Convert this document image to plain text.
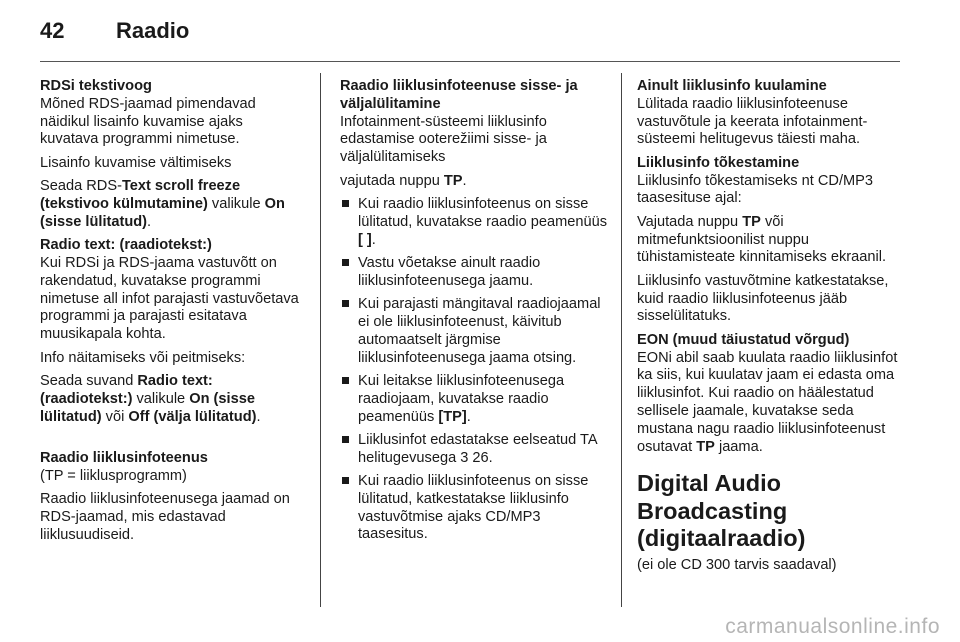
42 Raadio
RDSi tekstivoog

Mõned RDS-jaamad pimendavad näidikul lisainfo kuvamise ajaks kuvatava programmi nimetuse.

Lisainfo kuvamise vältimiseks

Seada RDS-Text scroll freeze (tekstivoo külmutamine) valikule On (sisse lülitatud).

Radio text: (raadiotekst:)

Kui RDSi ja RDS-jaama vastuvõtt on rakendatud, kuvatakse programmi nimetuse all infot parajasti vastuvõetava programmi ja parajasti esitatava muusikapala kohta.

Info näitamiseks või peitmiseks:

Seada suvand Radio text: (raadiotekst:) valikule On (sisse lülitatud) või Off (välja lülitatud).

Raadio liiklusinfoteenus

(TP = liiklusprogramm)

Raadio liiklusinfoteenusega jaamad on RDS-jaamad, mis edastavad liiklusuudiseid.

Raadio liiklusinfoteenuse sisse- ja väljalülitamine

Infotainment-süsteemi liiklusinfo edastamise ooterežiimi sisse- ja väljalülitamiseks

vajutada nuppu TP.

Kui raadio liiklusinfoteenus on sisse lülitatud, kuvatakse raadio peamenüüs [ ].
Vastu võetakse ainult raadio liiklusinfoteenusega jaamu.
Kui parajasti mängitaval raadiojaamal ei ole liiklusinfoteenust, käivitub automaatselt järgmise liiklusinfoteenusega jaama otsing.
Kui leitakse liiklusinfoteenusega raadiojaam, kuvatakse raadio peamenüüs [TP].
Liiklusinfot edastatakse eelseatud TA helitugevusega 3 26.
Kui raadio liiklusinfoteenus on sisse lülitatud, katkestatakse liiklusinfo vastuvõtmise ajaks CD/MP3 taasesitus.
Ainult liiklusinfo kuulamine

Lülitada raadio liiklusinfoteenuse vastuvõtule ja keerata infotainment-süsteemi helitugevus täiesti maha.

Liiklusinfo tõkestamine

Liiklusinfo tõkestamiseks nt CD/MP3 taasesituse ajal:

Vajutada nuppu TP või mitmefunktsioonilist nuppu tühistamisteate kinnitamiseks ekraanil.

Liiklusinfo vastuvõtmine katkestatakse, kuid raadio liiklusinfoteenus jääb sisselülitatuks.

EON (muud täiustatud võrgud)

EONi abil saab kuulata raadio liiklusinfot ka siis, kui kuulatav jaam ei edasta oma liiklusinfot. Kui raadio on häälestatud sellisele jaamale, kuvatakse seda mustana nagu raadio liiklusinfoteenust osutavat TP jaama.

Digital Audio Broadcasting (digitaalraadio)

(ei ole CD 300 tarvis saadaval)

carmanualsonline.info
